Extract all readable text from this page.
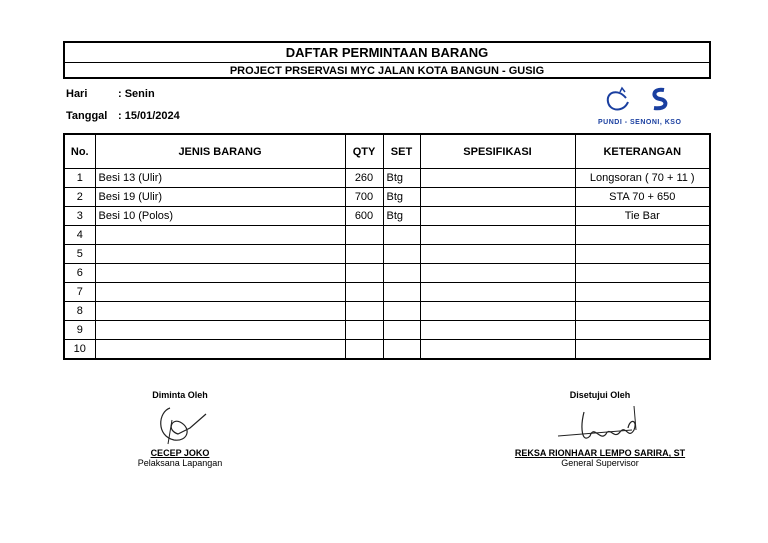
DAFTAR PERMINTAAN BARANG
PROJECT PRSERVASI MYC JALAN KOTA BANGUN - GUSIG
Hari	: Senin
Tanggal : 15/01/2024
PUNDI - SENONI, KSO
No.	JENIS BARANG	QTY	SET	SPESIFIKASI	KETERANGAN
1	Besi 13 (Ulir)	260	Btg		Longsoran ( 70 + 11 )
2	Besi 19 (Ulir)	700	Btg		STA 70 + 650
3	Besi 10 (Polos)	600	Btg		Tie Bar
4					
5					
6					
7					
8					
9					
10					
Diminta Oleh
CECEP JOKO
Pelaksana Lapangan
Disetujui Oleh
REKSA RIONHAAR LEMPO SARIRA, ST
General Supervisor
